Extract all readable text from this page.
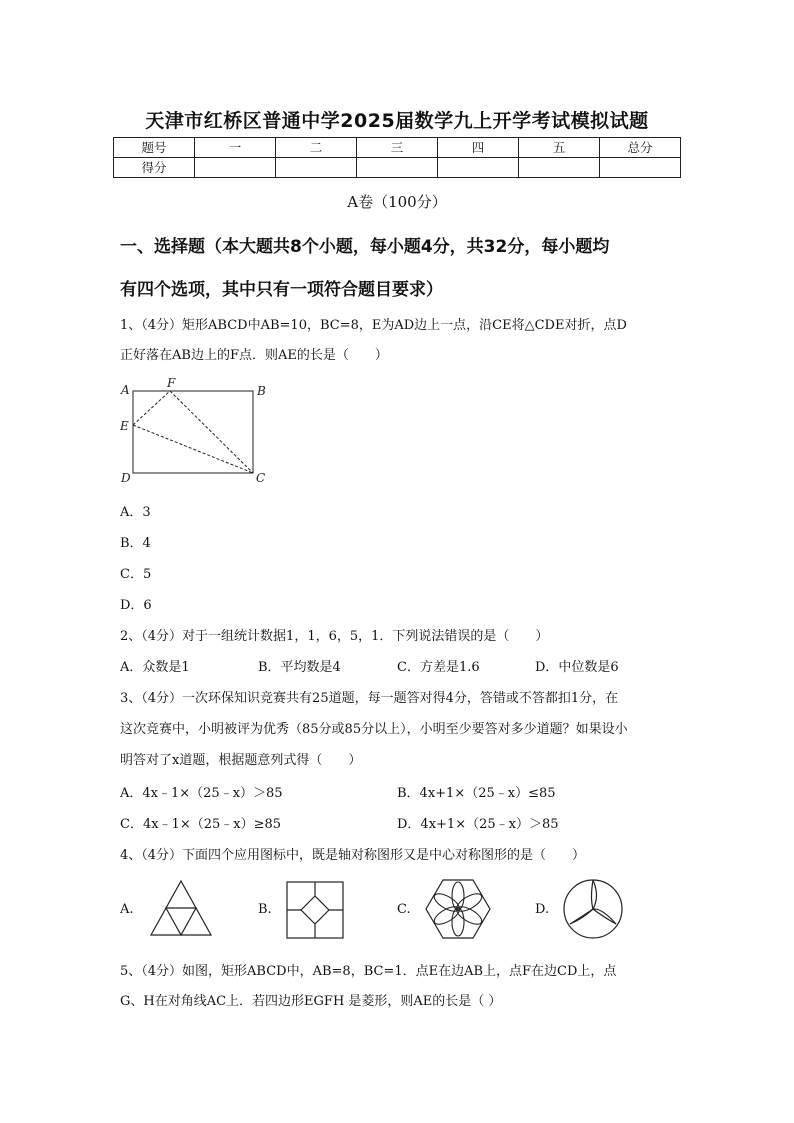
天津市红桥区普通中学2025届数学九上开学考试模拟试题
题号	一	二	三	四	五	总分
得分						
A卷（100分）
一、选择题（本大题共8个小题，每小题4分，共32分，每小题均
有四个选项，其中只有一项符合题目要求）
1、（4分）矩形ABCD中AB=10，BC=8，E为AD边上一点，沿CE将△CDE对折，点D
正好落在AB边上的F点．则AE的长是（　　）
A	F
B
E
D	C
A．3
B．4
C．5
D．6
2、（4分）对于一组统计数据1，1，6，5，1．下列说法错误的是（　　）
A．众数是1	B．平均数是4	C．方差是1.6	D．中位数是6
3、（4分）一次环保知识竞赛共有25道题，每一题答对得4分，答错或不答都扣1分，在
这次竞赛中，小明被评为优秀（85分或85分以上），小明至少要答对多少道题？如果设小
明答对了x道题，根据题意列式得（　　）
A．4x﹣1×（25﹣x）＞85	B．4x+1×（25﹣x）≤85
C．4x﹣1×（25﹣x）≥85	D．4x+1×（25﹣x）＞85
4、（4分）下面四个应用图标中，既是轴对称图形又是中心对称图形的是（　　）
A.	B.	C.	D.
5、（4分）如图，矩形ABCD中，AB=8，BC=1．点E在边AB上，点F在边CD上，点
G、H在对角线AC上．若四边形EGFH 是菱形，则AE的长是（ ）
